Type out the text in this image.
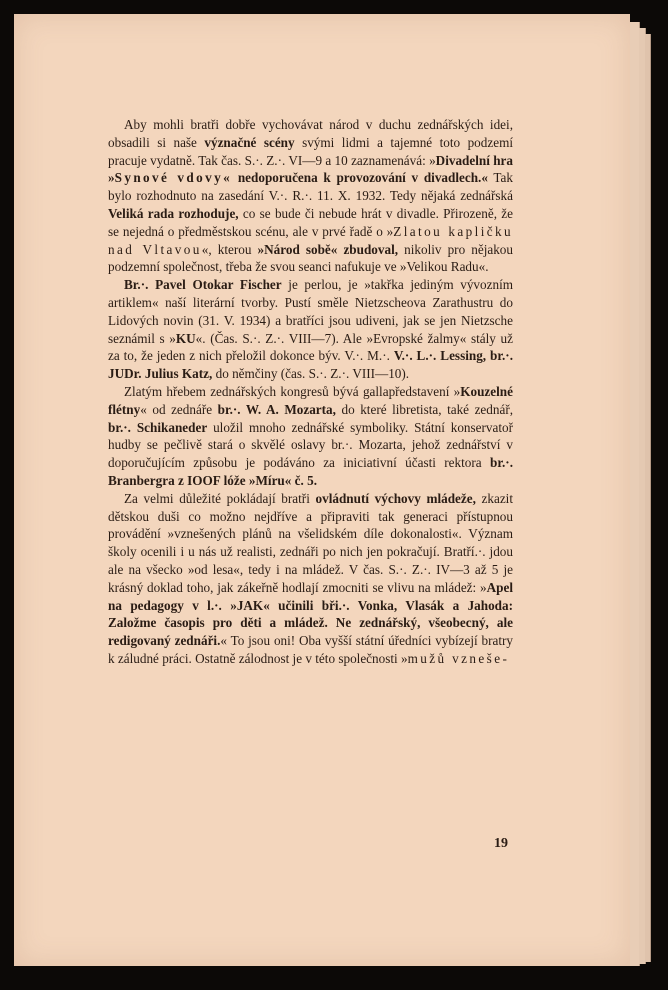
Aby mohli bratři dobře vychovávat národ v duchu zednářských idei, obsadili si naše význačné scény svými lidmi a tajemné toto podzemí pracuje vydatně. Tak čas. S.·. Z.·. VI—9 a 10 zaznamenává: »Divadelní hra »Synové vdovy« nedoporučena k provozování v divadlech.« Tak bylo rozhodnuto na zasedání V.·. R.·. 11. X. 1932. Tedy nějaká zednářská Veliká rada rozhoduje, co se bude či nebude hrát v divadle. Přirozeně, že se nejedná o předměstskou scénu, ale v prvé řadě o »Zlatou kapličku nad Vltavou«, kterou »Národ sobě« zbudoval, nikoliv pro nějakou podzemní společnost, třeba že svou seanci nafukuje ve »Velikou Radu«.

Br.·. Pavel Otokar Fischer je perlou, je »takřka jediným vývozním artiklem« naší literární tvorby. Pustí směle Nietzscheova Zarathustru do Lidových novin (31. V. 1934) a bratříci jsou udiveni, jak se jen Nietzsche seznámil s »KU«. (Čas. S.·. Z.·. VIII—7). Ale »Evropské žalmy« stály už za to, že jeden z nich přeložil dokonce býv. V.·. M.·. V.·. L.·. Lessing, br.·. JUDr. Julius Katz, do němčiny (čas. S.·. Z.·. VIII—10).

Zlatým hřebem zednářských kongresů bývá gallapředstavení »Kouzelné flétny« od zednáře br.·. W. A. Mozarta, do které libretista, také zednář, br.·. Schikaneder uložil mnoho zednářské symboliky. Státní konservatoř hudby se pečlivě stará o skvělé oslavy br.·. Mozarta, jehož zednářství v doporučujícím způsobu je podáváno za iniciativní účasti rektora br.·. Branbergra z IOOF lóže »Míru« č. 5.

Za velmi důležité pokládají bratři ovládnutí výchovy mládeže, zkazit dětskou duši co možno nejdříve a připraviti tak generaci přístupnou provádění »vznešených plánů na všelidském díle dokonalosti«. Význam školy ocenili i u nás už realisti, zednáři po nich jen pokračují. Bratří.·. jdou ale na všecko »od lesa«, tedy i na mládež. V čas. S.·. Z.·. IV—3 až 5 je krásný doklad toho, jak zákeřně hodlají zmocniti se vlivu na mládež: »Apel na pedagogy v l.·. »JAK« učinili bři.·. Vonka, Vlasák a Jahoda: Založme časopis pro děti a mládež. Ne zednářský, všeobecný, ale redigovaný zednáři.« To jsou oni! Oba vyšší státní úředníci vybízejí bratry k záludné práci. Ostatně zálodnost je v této společnosti »mužů vzneše-

19
